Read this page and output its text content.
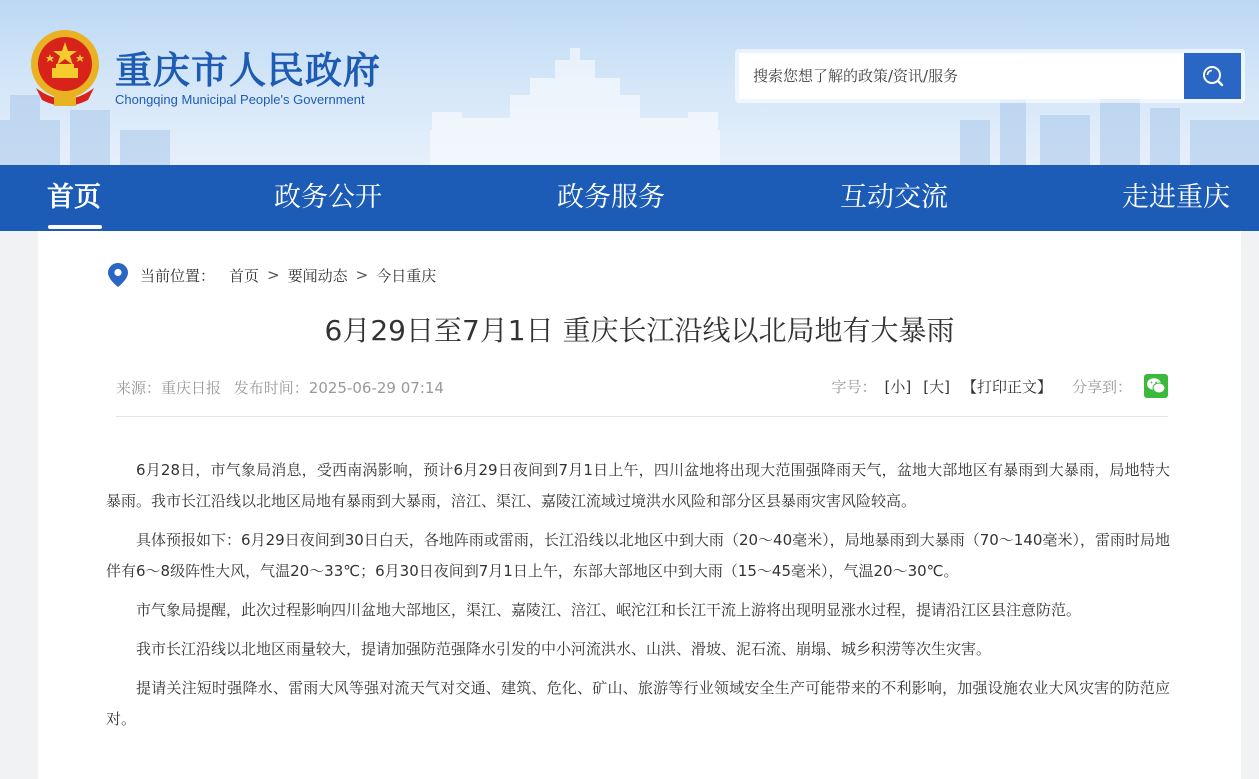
重庆市人民政府
Chongqing Municipal People's Government
搜索您想了解的政策/资讯/服务
首页	政务公开	政务服务	互动交流	走进重庆
当前位置： 首页 > 要闻动态 > 今日重庆
6月29日至7月1日 重庆长江沿线以北局地有大暴雨
来源：重庆日报 发布时间：2025-06-29 07:14	字号： [小] [大] 【打印正文】 分享到：

6月28日，市气象局消息，受西南涡影响，预计6月29日夜间到7月1日上午，四川盆地将出现大范围强降雨天气，盆地大部地区有暴雨到大暴雨，局地特大暴雨。我市长江沿线以北地区局地有暴雨到大暴雨，涪江、渠江、嘉陵江流域过境洪水风险和部分区县暴雨灾害风险较高。

具体预报如下：6月29日夜间到30日白天，各地阵雨或雷雨，长江沿线以北地区中到大雨（20～40毫米），局地暴雨到大暴雨（70～140毫米），雷雨时局地伴有6～8级阵性大风，气温20～33℃；6月30日夜间到7月1日上午，东部大部地区中到大雨（15～45毫米），气温20～30℃。

市气象局提醒，此次过程影响四川盆地大部地区，渠江、嘉陵江、涪江、岷沱江和长江干流上游将出现明显涨水过程，提请沿江区县注意防范。

我市长江沿线以北地区雨量较大，提请加强防范强降水引发的中小河流洪水、山洪、滑坡、泥石流、崩塌、城乡积涝等次生灾害。

提请关注短时强降水、雷雨大风等强对流天气对交通、建筑、危化、矿山、旅游等行业领域安全生产可能带来的不利影响，加强设施农业大风灾害的防范应对。
